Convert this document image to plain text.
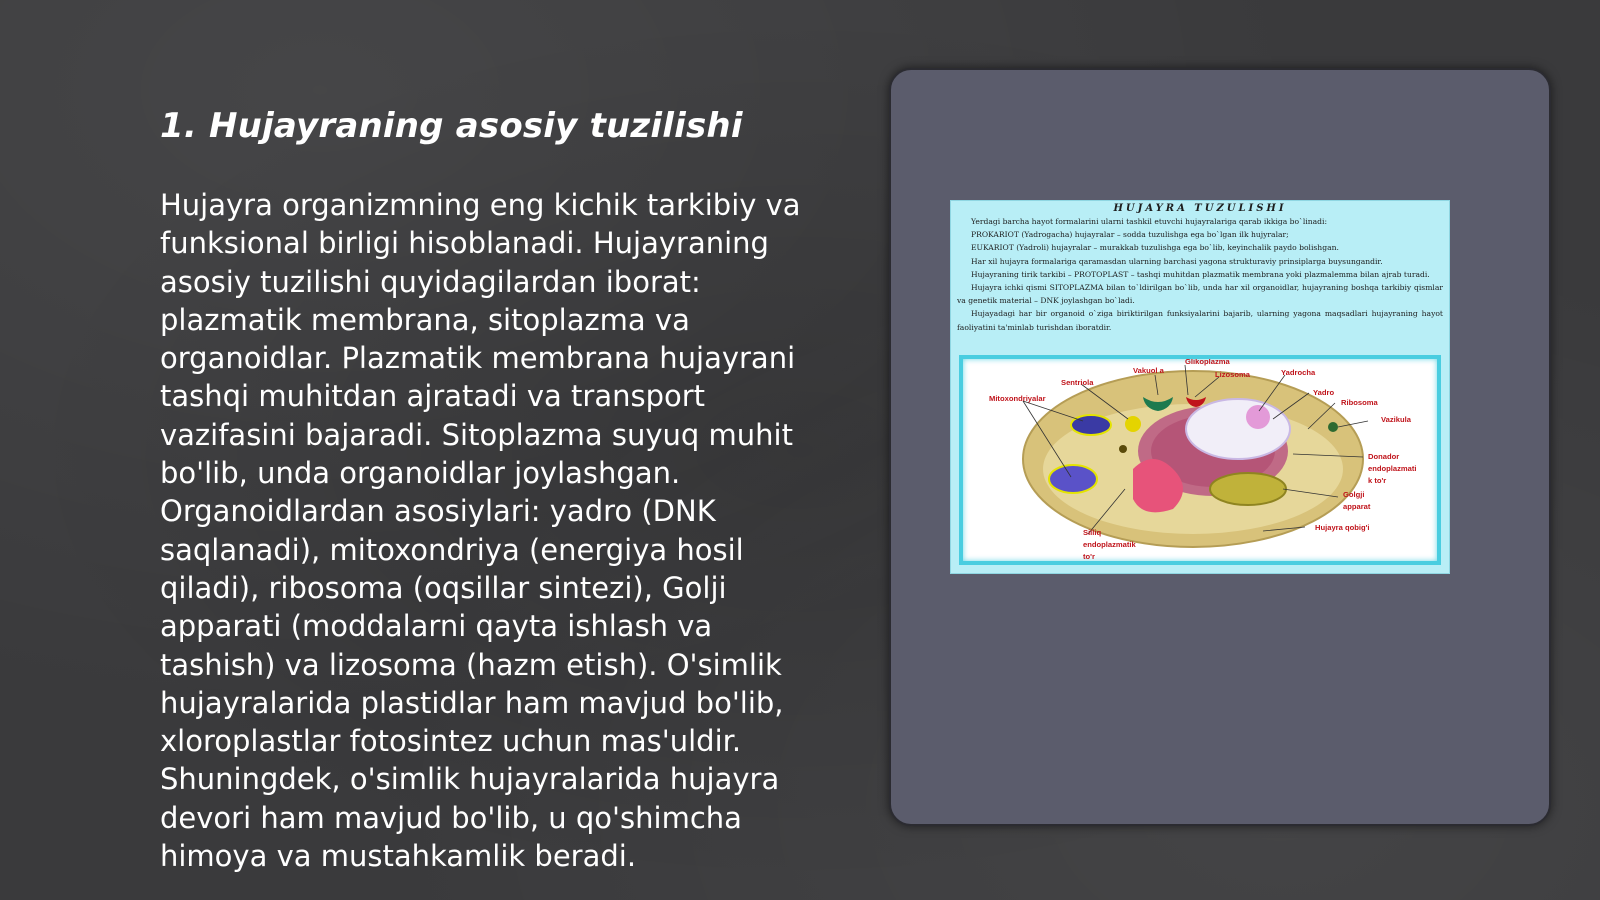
1. Hujayraning asosiy tuzilishi

Hujayra organizmning eng kichik tarkibiy va funksional birligi hisoblanadi. Hujayraning asosiy tuzilishi quyidagilardan iborat: plazmatik membrana, sitoplazma va organoidlar. Plazmatik membrana hujayrani tashqi muhitdan ajratadi va transport vazifasini bajaradi. Sitoplazma suyuq muhit bo'lib, unda organoidlar joylashgan. Organoidlardan asosiylari: yadro (DNK saqlanadi), mitoxondriya (energiya hosil qiladi), ribosoma (oqsillar sintezi), Golji apparati (moddalarni qayta ishlash va tashish) va lizosoma (hazm etish). O'simlik hujayralarida plastidlar ham mavjud bo'lib, xloroplastlar fotosintez uchun mas'uldir. Shuningdek, o'simlik hujayralarida hujayra devori ham mavjud bo'lib, u qo'shimcha himoya va mustahkamlik beradi.

HUJAYRA TUZULISHI

Yerdagi barcha hayot formalarini ularni tashkil etuvchi hujayralariga qarab ikkiga bo`linadi:

PROKARIOT (Yadrogacha) hujayralar – sodda tuzulishga ega bo`lgan ilk hujyralar;

EUKARIOT (Yadroli) hujayralar – murakkab tuzulishga ega bo`lib, keyinchalik paydo bolishgan.

Har xil hujayra formalariga qaramasdan ularning barchasi yagona strukturaviy prinsiplarga buysungandir.

Hujayraning tirik tarkibi – PROTOPLAST – tashqi muhitdan plazmatik membrana yoki plazmalemma bilan ajrab turadi.

Hujayra ichki qismi SITOPLAZMA bilan to`ldirilgan bo`lib, unda har xil organoidlar, hujayraning boshqa tarkibiy qismlar va genetik material – DNK joylashgan bo`ladi.

Hujayadagi har bir organoid o`ziga biriktirilgan funksiyalarini bajarib, ularning yagona maqsadlari hujayraning hayot faoliyatini ta'minlab turishdan iboratdir.

Vakuol a
Glikoplazma
Lizosoma	Yadrocha
Sentriola
Yadro
Ribosoma
Mitoxondriyalar
Vazikula
Donador
endoplazmati
k to'r
Golgji
apparat
Hujayra qobig'i
Silliq
endoplazmatik
to'r
